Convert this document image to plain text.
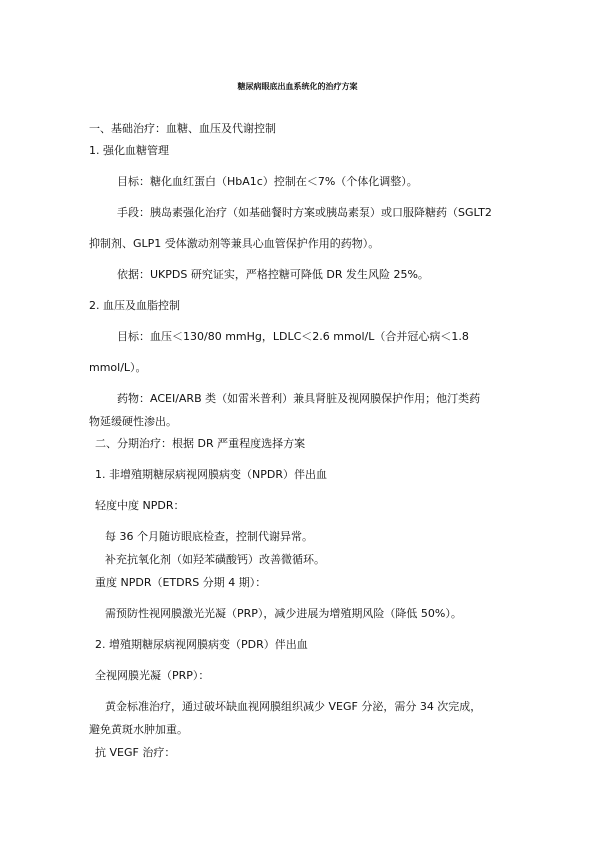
糖尿病眼底出血系统化的治疗方案
一、基础治疗：血糖、血压及代谢控制
1. 强化血糖管理
目标：糖化血红蛋白（HbA1c）控制在＜7%（个体化调整）。
手段：胰岛素强化治疗（如基础餐时方案或胰岛素泵）或口服降糖药（SGLT2
抑制剂、GLP1 受体激动剂等兼具心血管保护作用的药物）。
依据：UKPDS 研究证实，严格控糖可降低 DR 发生风险 25%。
2. 血压及血脂控制
目标：血压＜130/80 mmHg，LDLC＜2.6 mmol/L（合并冠心病＜1.8
mmol/L）。
药物：ACEI/ARB 类（如雷米普利）兼具肾脏及视网膜保护作用；他汀类药
物延缓硬性渗出。
二、分期治疗：根据 DR 严重程度选择方案
1. 非增殖期糖尿病视网膜病变（NPDR）伴出血
轻度中度 NPDR：
每 36 个月随访眼底检查，控制代谢异常。
补充抗氧化剂（如羟苯磺酸钙）改善微循环。
重度 NPDR（ETDRS 分期 4 期）：
需预防性视网膜激光光凝（PRP），减少进展为增殖期风险（降低 50%）。
2. 增殖期糖尿病视网膜病变（PDR）伴出血
全视网膜光凝（PRP）：
黄金标准治疗，通过破坏缺血视网膜组织减少 VEGF 分泌，需分 34 次完成，
避免黄斑水肿加重。
抗 VEGF 治疗：
